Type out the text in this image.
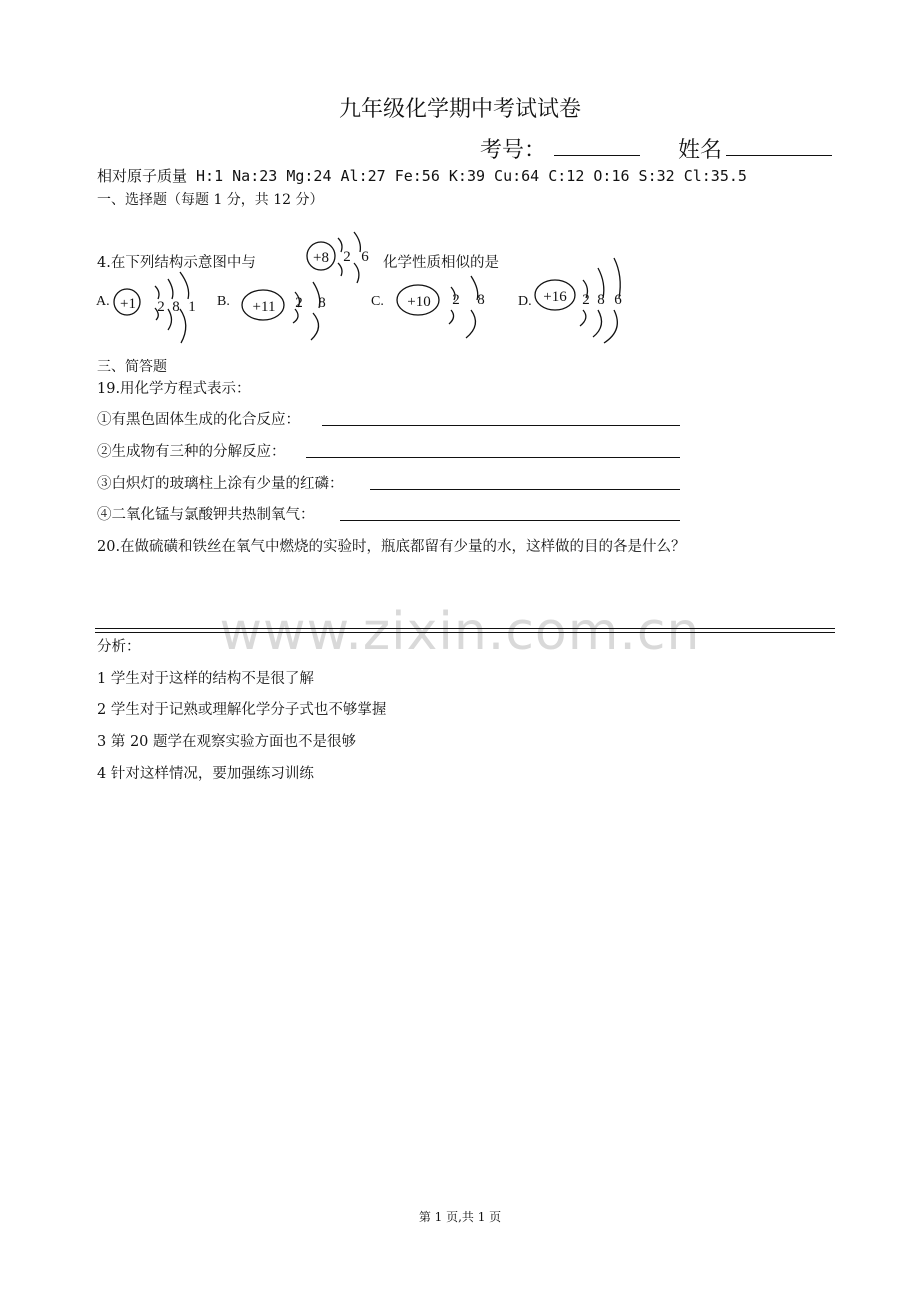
九年级化学期中考试试卷
考号：	姓名
相对原子质量 H:1 Na:23 Mg:24 Al:27 Fe:56 K:39 Cu:64 C:12 O:16 S:32 Cl:35.5
一、选择题（每题 1 分，共 12 分）
4.在下列结构示意图中与	化学性质相似的是
+8 2 6
A. +1 2 8 1 B. +11 2 8	C. +10 2 8 D. +16 2 8 6
三、简答题
19.用化学方程式表示：
①有黑色固体生成的化合反应：
②生成物有三种的分解反应：
③白炽灯的玻璃柱上涂有少量的红磷：
④二氧化锰与氯酸钾共热制氧气：
20.在做硫磺和铁丝在氧气中燃烧的实验时，瓶底都留有少量的水，这样做的目的各是什么？
www.zixin.com.cn
分析：
1 学生对于这样的结构不是很了解
2 学生对于记熟或理解化学分子式也不够掌握
3 第 20 题学在观察实验方面也不是很够
4 针对这样情况，要加强练习训练
第 1 页,共 1 页
